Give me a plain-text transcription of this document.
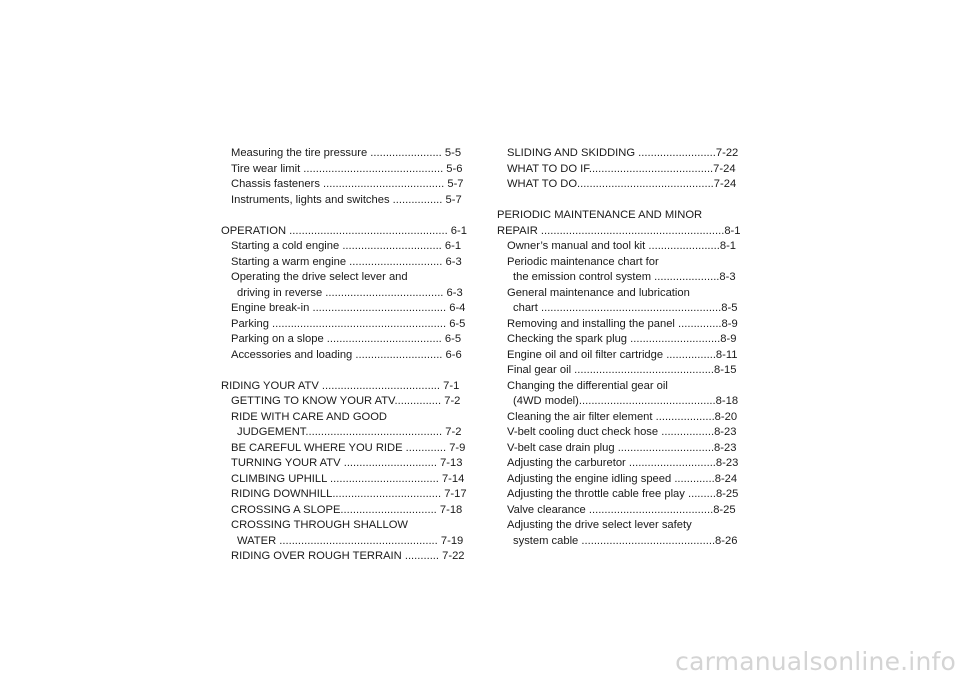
Measuring the tire pressure ....................... 5-5
Tire wear limit ............................................. 5-6
Chassis fasteners ....................................... 5-7
Instruments, lights and switches ................ 5-7
OPERATION ................................................... 6-1
Starting a cold engine ................................ 6-1
Starting a warm engine .............................. 6-3
Operating the drive select lever and
driving in reverse ...................................... 6-3
Engine break-in ........................................... 6-4
Parking ........................................................ 6-5
Parking on a slope ..................................... 6-5
Accessories and loading ............................ 6-6
RIDING YOUR ATV ...................................... 7-1
GETTING TO KNOW YOUR ATV............... 7-2
RIDE WITH CARE AND GOOD
JUDGEMENT............................................ 7-2
BE CAREFUL WHERE YOU RIDE ............. 7-9
TURNING YOUR ATV .............................. 7-13
CLIMBING UPHILL ................................... 7-14
RIDING DOWNHILL................................... 7-17
CROSSING A SLOPE............................... 7-18
CROSSING THROUGH SHALLOW
WATER ................................................... 7-19
RIDING OVER ROUGH TERRAIN ........... 7-22
SLIDING AND SKIDDING .........................7-22
WHAT TO DO IF........................................7-24
WHAT TO DO............................................7-24
PERIODIC MAINTENANCE AND MINOR
REPAIR ...........................................................8-1
Owner’s manual and tool kit .......................8-1
Periodic maintenance chart for
the emission control system .....................8-3
General maintenance and lubrication
chart ..........................................................8-5
Removing and installing the panel ..............8-9
Checking the spark plug .............................8-9
Engine oil and oil filter cartridge ................8-11
Final gear oil .............................................8-15
Changing the differential gear oil
(4WD model)............................................8-18
Cleaning the air filter element ...................8-20
V-belt cooling duct check hose .................8-23
V-belt case drain plug ...............................8-23
Adjusting the carburetor ............................8-23
Adjusting the engine idling speed .............8-24
Adjusting the throttle cable free play .........8-25
Valve clearance ........................................8-25
Adjusting the drive select lever safety
system cable ...........................................8-26
carmanualsonline.info
